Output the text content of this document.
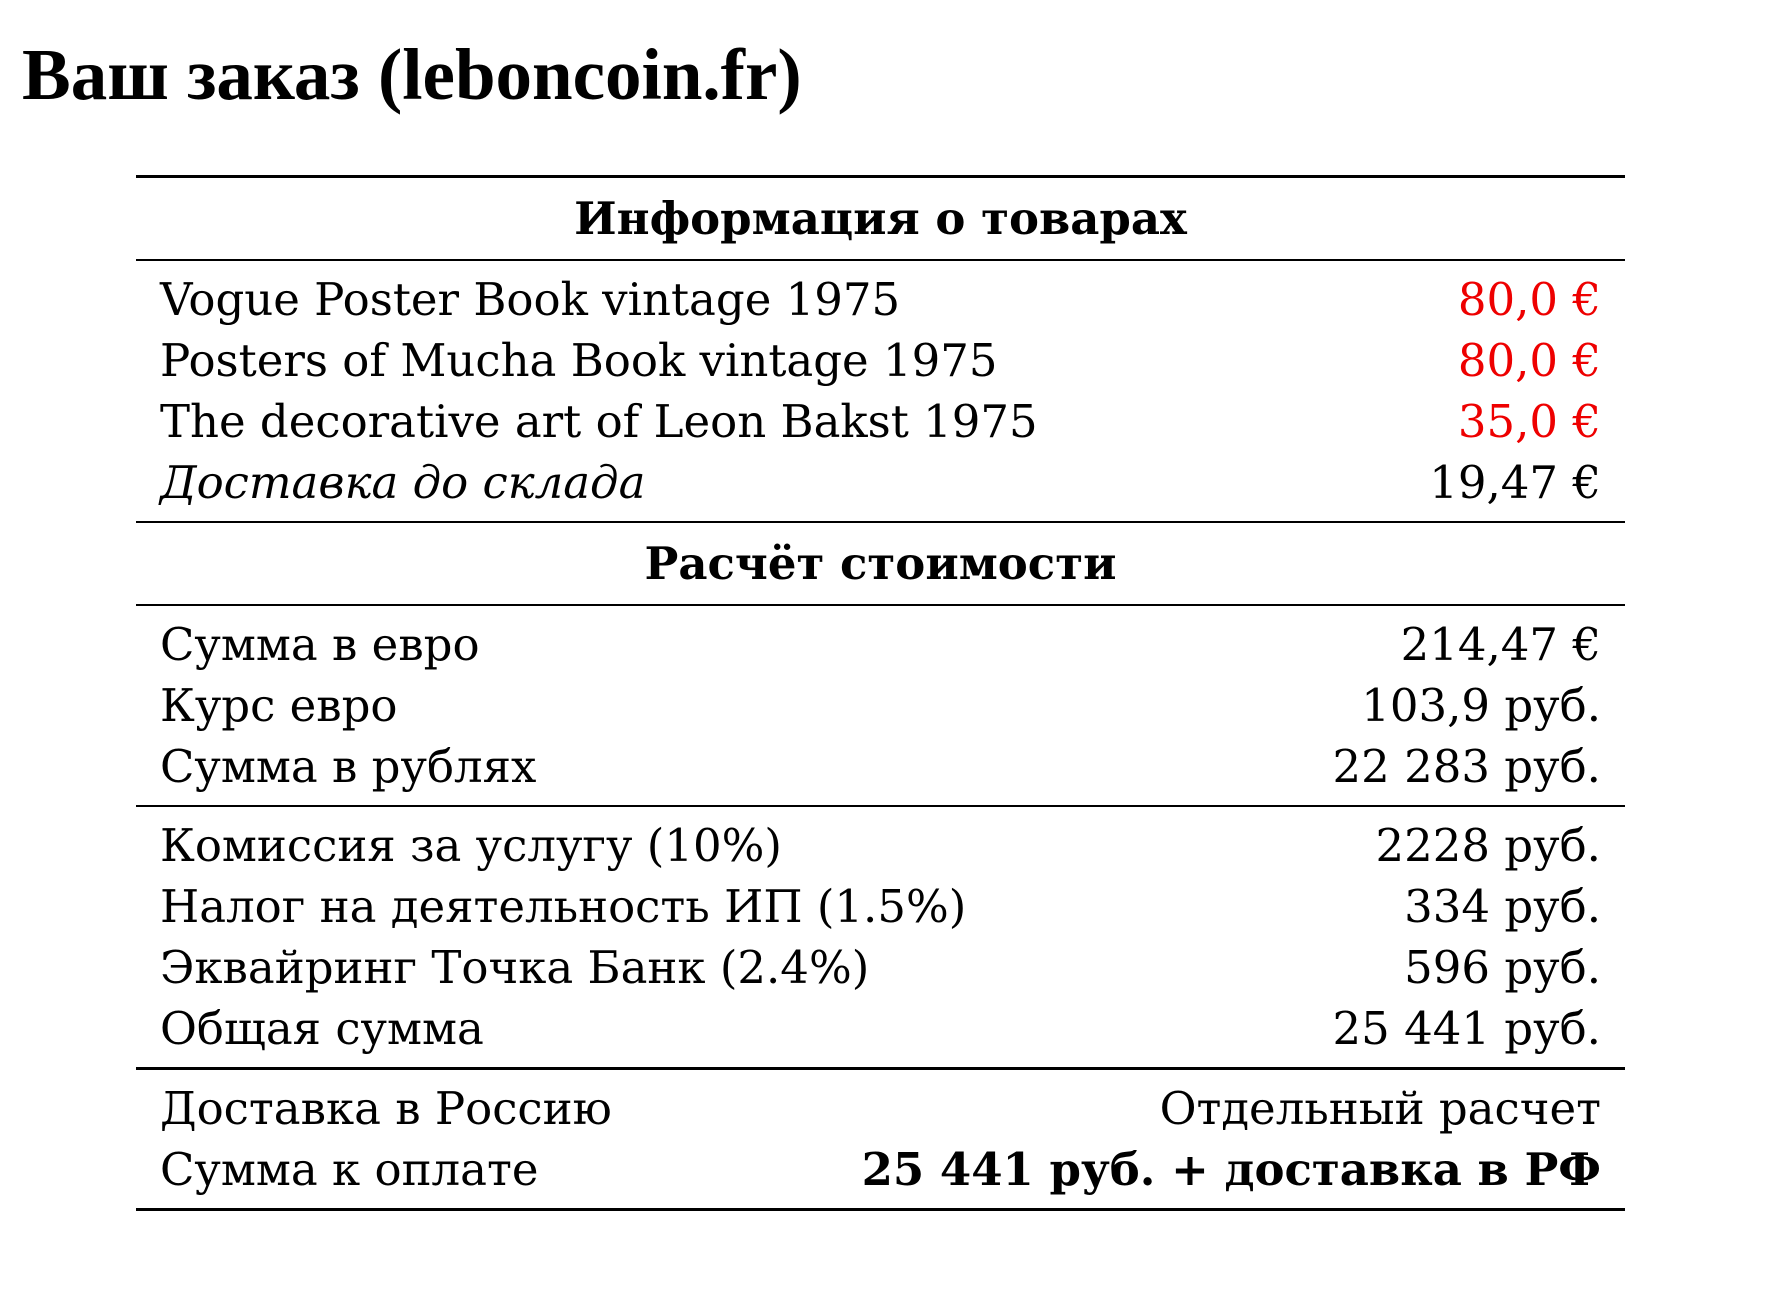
Ваш заказ (leboncoin.fr)
Информация о товарах
Vogue Poster Book vintage 1975	80,0 €
Posters of Mucha Book vintage 1975	80,0 €
The decorative art of Leon Bakst 1975	35,0 €
Доставка до склада	19,47 €
Расчёт стоимости
Сумма в евро	214,47 €
Курс евро	103,9 руб.
Сумма в рублях	22 283 руб.
Комиссия за услугу (10%)	2228 руб.
Налог на деятельность ИП (1.5%)	334 руб.
Эквайринг Точка Банк (2.4%)	596 руб.
Общая сумма	25 441 руб.
Доставка в Россию	Отдельный расчет
Сумма к оплате	25 441 руб. + доставка в РФ
